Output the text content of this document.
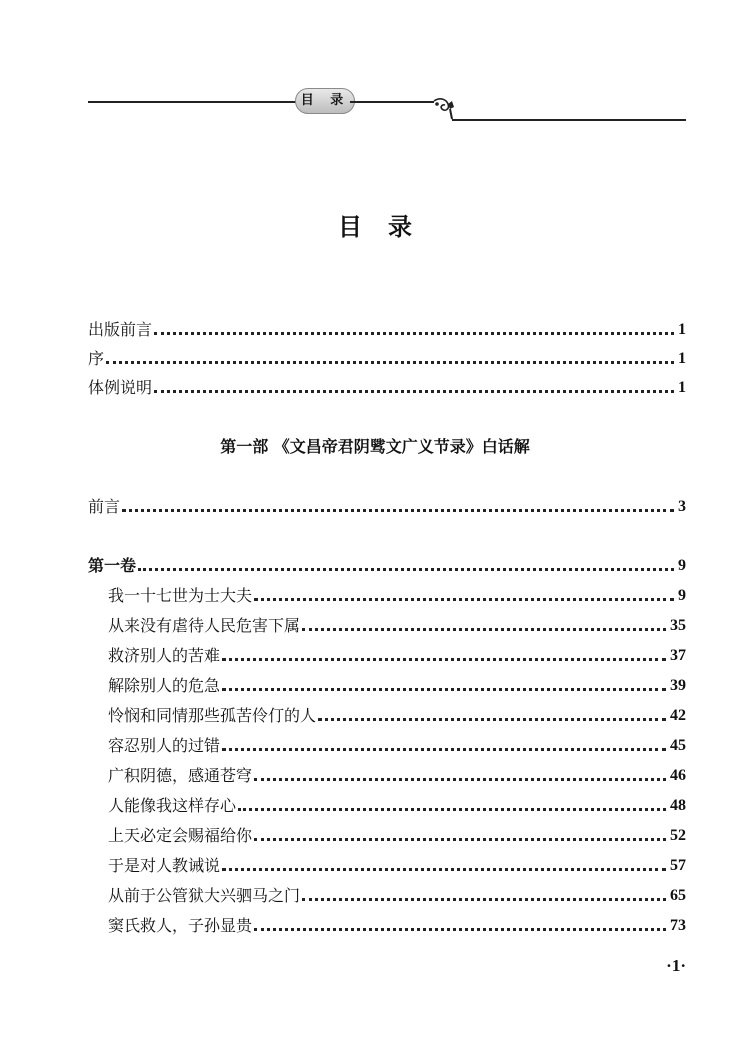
目 录
目录
出版前言	1
序	1
体例说明	1
第一部 《文昌帝君阴骘文广义节录》白话解
前言	3
第一卷	9
我一十七世为士大夫	9
从来没有虐待人民危害下属	35
救济别人的苦难	37
解除别人的危急	39
怜悯和同情那些孤苦伶仃的人	42
容忍别人的过错	45
广积阴德，感通苍穹	46
人能像我这样存心	48
上天必定会赐福给你	52
于是对人教诫说	57
从前于公管狱大兴驷马之门	65
窦氏救人，子孙显贵	73
·1·
